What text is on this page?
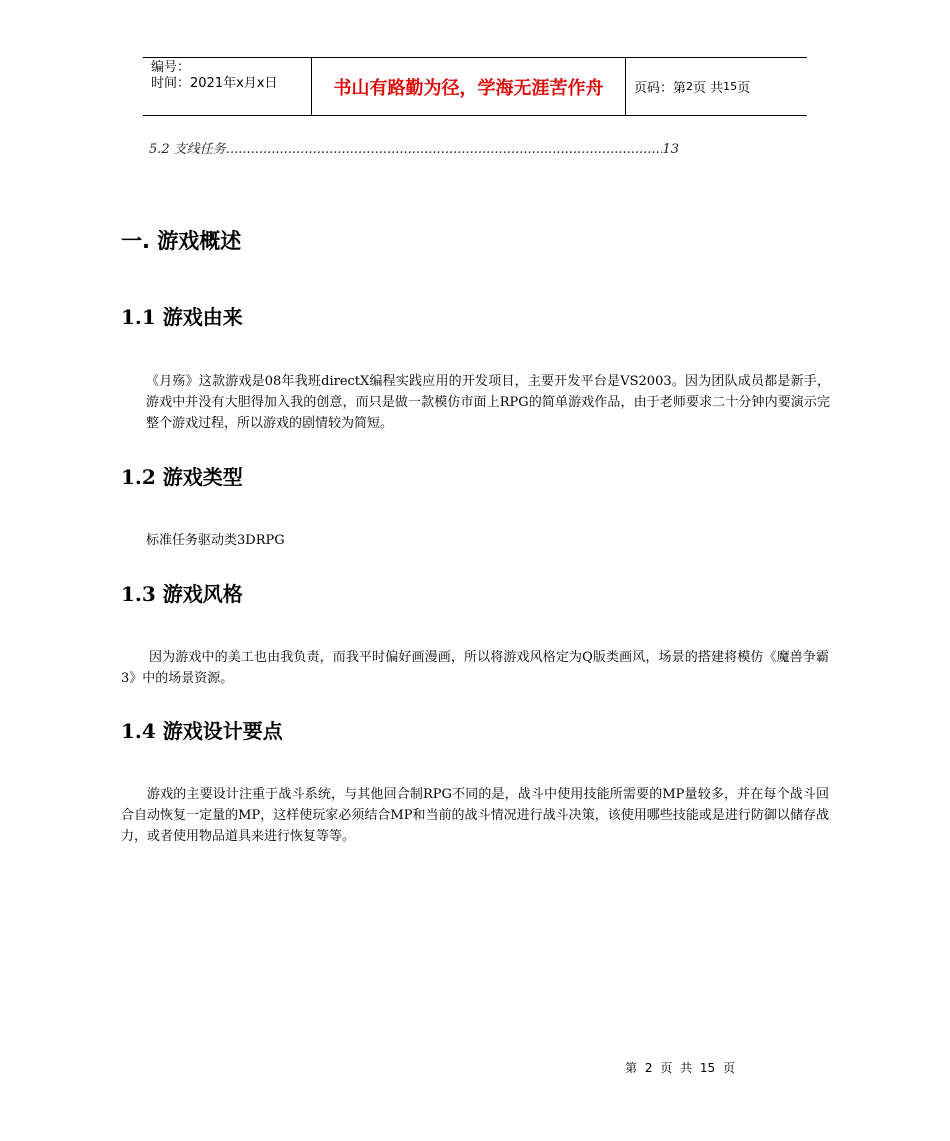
编号：
时间：2021年x月x日	书山有路勤为径，学海无涯苦作舟	页码：第 2 页 共 15 页
5.2 支线任务
.....	13
一. 游戏概述
1.1 游戏由来
《月殇》这款游戏是08年我班directX编程实践应用的开发项目，主要开发平台是VS2003。因为团队成员都是新手，游戏中并没有大胆得加入我的创意，而只是做一款模仿市面上RPG的简单游戏作品，由于老师要求二十分钟内要演示完整个游戏过程，所以游戏的剧情较为简短。
1.2 游戏类型
标准任务驱动类3DRPG
1.3 游戏风格
因为游戏中的美工也由我负责，而我平时偏好画漫画，所以将游戏风格定为Q版类画风，场景的搭建将模仿《魔兽争霸3》中的场景资源。
1.4 游戏设计要点
游戏的主要设计注重于战斗系统，与其他回合制RPG不同的是，战斗中使用技能所需要的MP量较多，并在每个战斗回合自动恢复一定量的MP，这样使玩家必须结合MP和当前的战斗情况进行战斗决策，该使用哪些技能或是进行防御以储存战力，或者使用物品道具来进行恢复等等。
第 2 页 共 15 页
